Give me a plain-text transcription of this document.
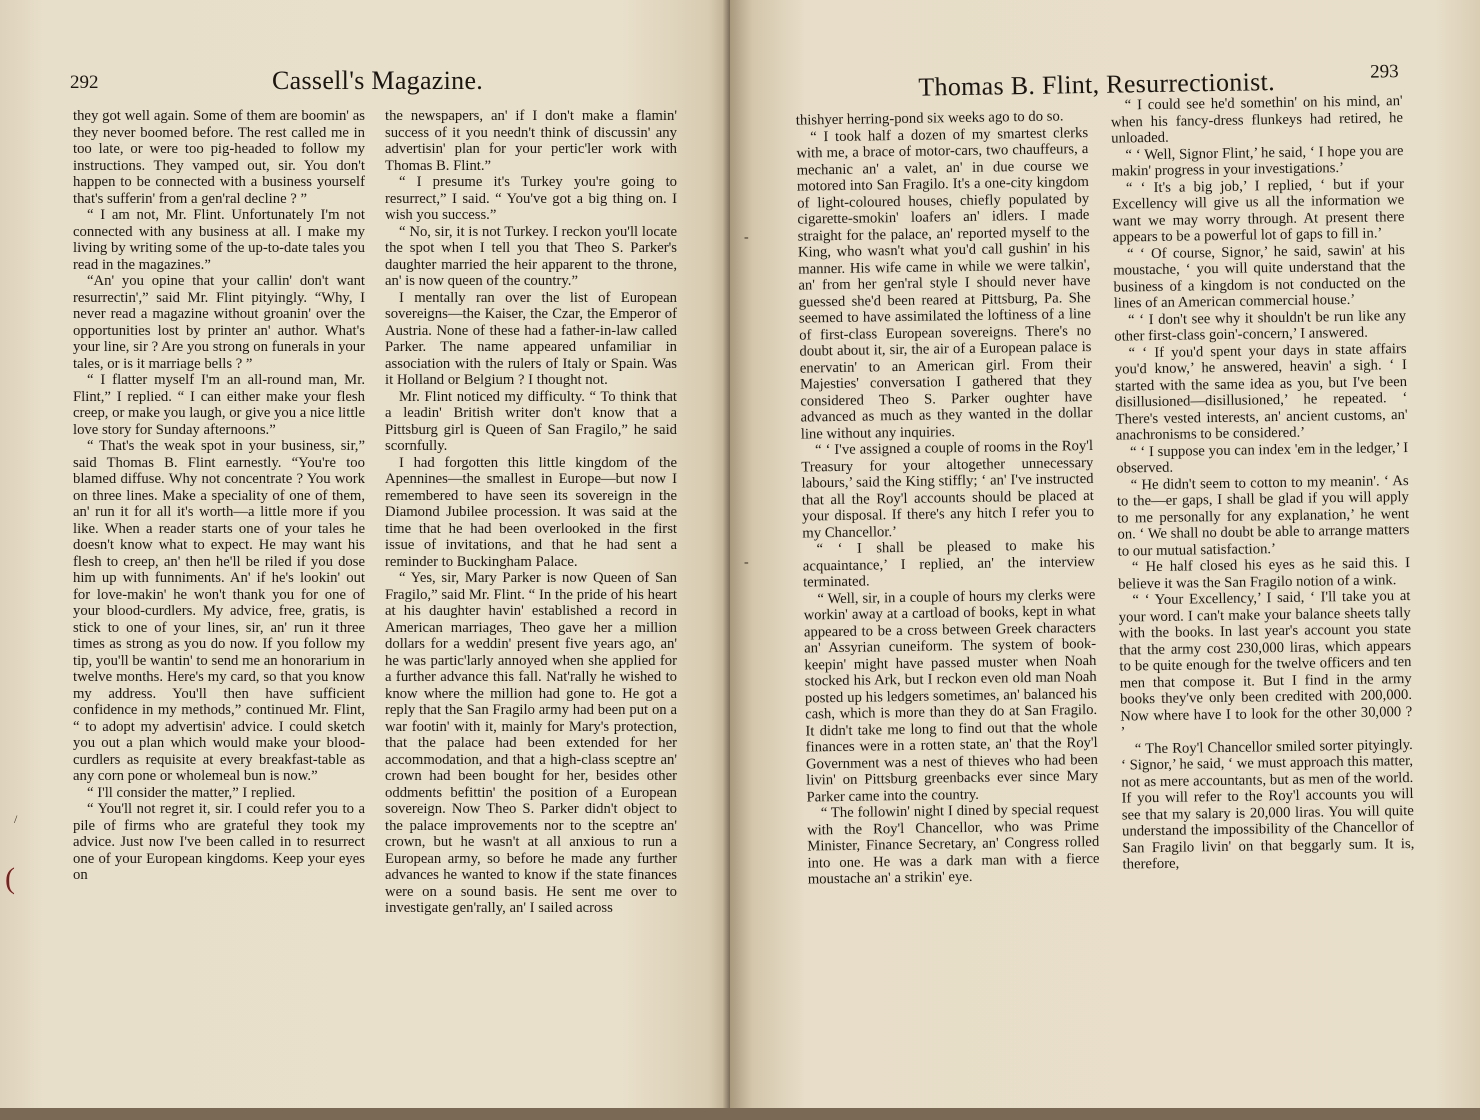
292	Cassell's Magazine.

they got well again. Some of them are boomin' as they never boomed before. The rest called me in too late, or were too pig-headed to follow my instructions. They vamped out, sir. You don't happen to be connected with a business yourself that's sufferin' from a gen'ral decline ? ”

“ I am not, Mr. Flint. Unfortunately I'm not connected with any business at all. I make my living by writing some of the up-to-date tales you read in the magazines.”

“An' you opine that your callin' don't want resurrectin',” said Mr. Flint pityingly. “Why, I never read a magazine without groanin' over the opportunities lost by printer an' author. What's your line, sir ? Are you strong on funerals in your tales, or is it marriage bells ? ”

“ I flatter myself I'm an all-round man, Mr. Flint,” I replied. “ I can either make your flesh creep, or make you laugh, or give you a nice little love story for Sunday afternoons.”

“ That's the weak spot in your business, sir,” said Thomas B. Flint earnestly. “You're too blamed diffuse. Why not concentrate ? You work on three lines. Make a speciality of one of them, an' run it for all it's worth—a little more if you like. When a reader starts one of your tales he doesn't know what to expect. He may want his flesh to creep, an' then he'll be riled if you dose him up with funniments. An' if he's lookin' out for love-makin' he won't thank you for one of your blood-curdlers. My advice, free, gratis, is stick to one of your lines, sir, an' run it three times as strong as you do now. If you follow my tip, you'll be wantin' to send me an honorarium in twelve months. Here's my card, so that you know my address. You'll then have sufficient confidence in my methods,” continued Mr. Flint, “ to adopt my advertisin' advice. I could sketch you out a plan which would make your blood-curdlers as requisite at every breakfast-table as any corn pone or wholemeal bun is now.”

“ I'll consider the matter,” I replied.

“ You'll not regret it, sir. I could refer you to a pile of firms who are grateful they took my advice. Just now I've been called in to resurrect one of your European kingdoms. Keep your eyes on

the newspapers, an' if I don't make a flamin' success of it you needn't think of discussin' any advertisin' plan for your pertic'ler work with Thomas B. Flint.”

“ I presume it's Turkey you're going to resurrect,” I said. “ You've got a big thing on. I wish you success.”

“ No, sir, it is not Turkey. I reckon you'll locate the spot when I tell you that Theo S. Parker's daughter married the heir apparent to the throne, an' is now queen of the country.”

I mentally ran over the list of European sovereigns—the Kaiser, the Czar, the Emperor of Austria. None of these had a father-in-law called Parker. The name appeared unfamiliar in association with the rulers of Italy or Spain. Was it Holland or Belgium ? I thought not.

Mr. Flint noticed my difficulty. “ To think that a leadin' British writer don't know that a Pittsburg girl is Queen of San Fragilo,” he said scornfully.

I had forgotten this little kingdom of the Apennines—the smallest in Europe—but now I remembered to have seen its sovereign in the Diamond Jubilee procession. It was said at the time that he had been overlooked in the first issue of invitations, and that he had sent a reminder to Buckingham Palace.

“ Yes, sir, Mary Parker is now Queen of San Fragilo,” said Mr. Flint. “ In the pride of his heart at his daughter havin' established a record in American marriages, Theo gave her a million dollars for a weddin' present five years ago, an' he was partic'larly annoyed when she applied for a further advance this fall. Nat'rally he wished to know where the million had gone to. He got a reply that the San Fragilo army had been put on a war footin' with it, mainly for Mary's protection, that the palace had been extended for her accommodation, and that a high-class sceptre an' crown had been bought for her, besides other oddments befittin' the position of a European sovereign. Now Theo S. Parker didn't object to the palace improvements nor to the sceptre an' crown, but he wasn't at all anxious to run a European army, so before he made any further advances he wanted to know if the state finances were on a sound basis. He sent me over to investigate gen'rally, an' I sailed across

(
/
Thomas B. Flint, Resurrectionist.	293

thishyer herring-pond six weeks ago to do so.

“ I took half a dozen of my smartest clerks with me, a brace of motor-cars, two chauffeurs, a mechanic an' a valet, an' in due course we motored into San Fragilo. It's a one-city kingdom of light-coloured houses, chiefly populated by cigarette-smokin' loafers an' idlers. I made straight for the palace, an' reported myself to the King, who wasn't what you'd call gushin' in his manner. His wife came in while we were talkin', an' from her gen'ral style I should never have guessed she'd been reared at Pittsburg, Pa. She seemed to have assimilated the loftiness of a line of first-class European sovereigns. There's no doubt about it, sir, the air of a European palace is enervatin' to an American girl. From their Majesties' conversation I gathered that they considered Theo S. Parker oughter have advanced as much as they wanted in the dollar line without any inquiries.

“ ‘ I've assigned a couple of rooms in the Roy'l Treasury for your altogether unnecessary labours,’ said the King stiffly; ‘ an' I've instructed that all the Roy'l accounts should be placed at your disposal. If there's any hitch I refer you to my Chancellor.’

“ ‘ I shall be pleased to make his acquaintance,’ I replied, an' the interview terminated.

“ Well, sir, in a couple of hours my clerks were workin' away at a cartload of books, kept in what appeared to be a cross between Greek characters an' Assyrian cuneiform. The system of book-keepin' might have passed muster when Noah stocked his Ark, but I reckon even old man Noah posted up his ledgers sometimes, an' balanced his cash, which is more than they do at San Fragilo. It didn't take me long to find out that the whole finances were in a rotten state, an' that the Roy'l Government was a nest of thieves who had been livin' on Pittsburg greenbacks ever since Mary Parker came into the country.

“ The followin' night I dined by special request with the Roy'l Chancellor, who was Prime Minister, Finance Secretary, an' Congress rolled into one. He was a dark man with a fierce moustache an' a strikin' eye.

“ I could see he'd somethin' on his mind, an' when his fancy-dress flunkeys had retired, he unloaded.

“ ‘ Well, Signor Flint,’ he said, ‘ I hope you are makin' progress in your investigations.’

“ ‘ It's a big job,’ I replied, ‘ but if your Excellency will give us all the information we want we may worry through. At present there appears to be a powerful lot of gaps to fill in.’

“ ‘ Of course, Signor,’ he said, sawin' at his moustache, ‘ you will quite understand that the business of a kingdom is not conducted on the lines of an American commercial house.’

“ ‘ I don't see why it shouldn't be run like any other first-class goin'-concern,’ I answered.

“ ‘ If you'd spent your days in state affairs you'd know,’ he answered, heavin' a sigh. ‘ I started with the same idea as you, but I've been disillusioned—disillusioned,’ he repeated. ‘ There's vested interests, an' ancient customs, an' anachronisms to be considered.’

“ ‘ I suppose you can index 'em in the ledger,’ I observed.

“ He didn't seem to cotton to my meanin'. ‘ As to the—er gaps, I shall be glad if you will apply to me personally for any explanation,’ he went on. ‘ We shall no doubt be able to arrange matters to our mutual satisfaction.’

“ He half closed his eyes as he said this. I believe it was the San Fragilo notion of a wink.

“ ‘ Your Excellency,’ I said, ‘ I'll take you at your word. I can't make your balance sheets tally with the books. In last year's account you state that the army cost 230,000 liras, which appears to be quite enough for the twelve officers and ten men that compose it. But I find in the army books they've only been credited with 200,000. Now where have I to look for the other 30,000 ? ’

“ The Roy'l Chancellor smiled sorter pityingly. ‘ Signor,’ he said, ‘ we must approach this matter, not as mere accountants, but as men of the world. If you will refer to the Roy'l accounts you will see that my salary is 20,000 liras. You will quite understand the impossibility of the Chancellor of San Fragilo livin' on that beggarly sum. It is, therefore,

-
-
